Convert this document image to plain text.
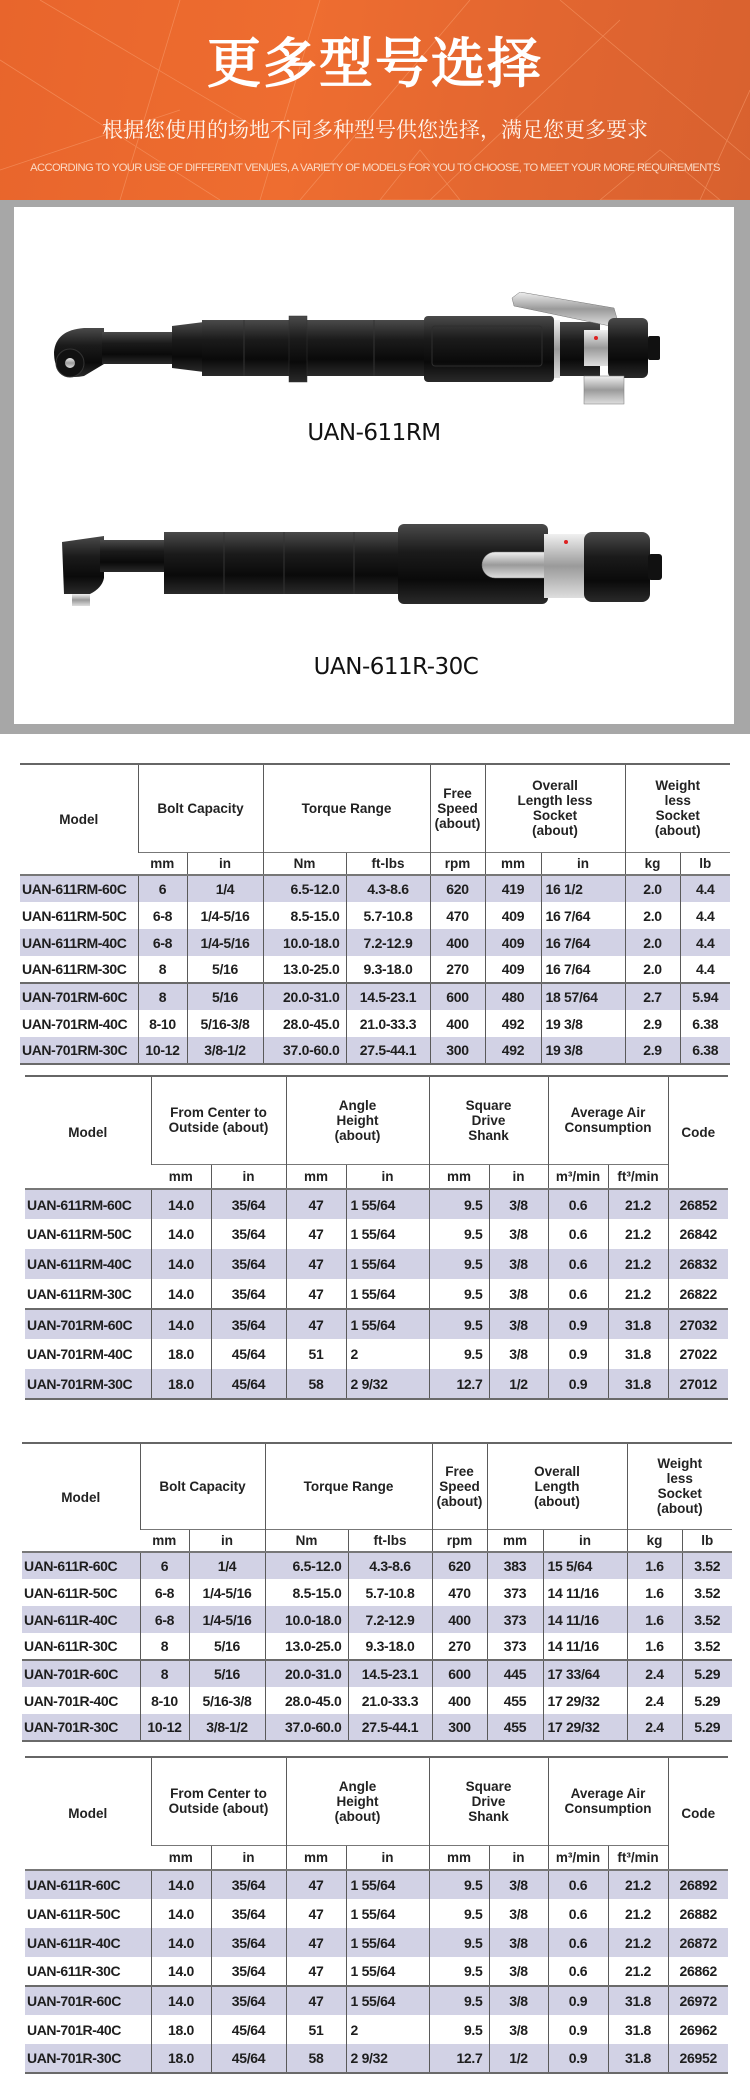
更多型号选择
根据您使用的场地不同多种型号供您选择，满足您更多要求
ACCORDING TO YOUR USE OF DIFFERENT VENUES, A VARIETY OF MODELS FOR YOU TO CHOOSE, TO MEET YOUR MORE REQUIREMENTS
UAN-611RM
UAN-611R-30C
Model	Bolt Capacity		Torque Range		Free Speed (about)	Overall Length less Socket (about)		Weight less Socket (about)	

	mm	in	Nm	ft-lbs	rpm	mm	in	kg	lb
UAN-611RM-60C	6	1/4	6.5-12.0	4.3-8.6	620	419	16 1/2	2.0	4.4
UAN-611RM-50C	6-8	1/4-5/16	8.5-15.0	5.7-10.8	470	409	16 7/64	2.0	4.4
UAN-611RM-40C	6-8	1/4-5/16	10.0-18.0	7.2-12.9	400	409	16 7/64	2.0	4.4
UAN-611RM-30C	8	5/16	13.0-25.0	9.3-18.0	270	409	16 7/64	2.0	4.4
UAN-701RM-60C	8	5/16	20.0-31.0	14.5-23.1	600	480	18 57/64	2.7	5.94
UAN-701RM-40C	8-10	5/16-3/8	28.0-45.0	21.0-33.3	400	492	19 3/8	2.9	6.38
UAN-701RM-30C	10-12	3/8-1/2	37.0-60.0	27.5-44.1	300	492	19 3/8	2.9	6.38
Model	From Center to Outside (about)		Angle Height (about)		Square Drive Shank		Average Air Consumption		Code

	mm	in	mm	in	mm	in	m³/min	ft³/min	
UAN-611RM-60C	14.0	35/64	47	1 55/64	9.5	3/8	0.6	21.2	26852
UAN-611RM-50C	14.0	35/64	47	1 55/64	9.5	3/8	0.6	21.2	26842
UAN-611RM-40C	14.0	35/64	47	1 55/64	9.5	3/8	0.6	21.2	26832
UAN-611RM-30C	14.0	35/64	47	1 55/64	9.5	3/8	0.6	21.2	26822
UAN-701RM-60C	14.0	35/64	47	1 55/64	9.5	3/8	0.9	31.8	27032
UAN-701RM-40C	18.0	45/64	51	2	9.5	3/8	0.9	31.8	27022
UAN-701RM-30C	18.0	45/64	58	2 9/32	12.7	1/2	0.9	31.8	27012
Model	Bolt Capacity		Torque Range		Free Speed (about)	Overall Length (about)		Weight less Socket (about)	

	mm	in	Nm	ft-lbs	rpm	mm	in	kg	lb
UAN-611R-60C	6	1/4	6.5-12.0	4.3-8.6	620	383	15 5/64	1.6	3.52
UAN-611R-50C	6-8	1/4-5/16	8.5-15.0	5.7-10.8	470	373	14 11/16	1.6	3.52
UAN-611R-40C	6-8	1/4-5/16	10.0-18.0	7.2-12.9	400	373	14 11/16	1.6	3.52
UAN-611R-30C	8	5/16	13.0-25.0	9.3-18.0	270	373	14 11/16	1.6	3.52
UAN-701R-60C	8	5/16	20.0-31.0	14.5-23.1	600	445	17 33/64	2.4	5.29
UAN-701R-40C	8-10	5/16-3/8	28.0-45.0	21.0-33.3	400	455	17 29/32	2.4	5.29
UAN-701R-30C	10-12	3/8-1/2	37.0-60.0	27.5-44.1	300	455	17 29/32	2.4	5.29
Model	From Center to Outside (about)		Angle Height (about)		Square Drive Shank		Average Air Consumption		Code

	mm	in	mm	in	mm	in	m³/min	ft³/min	
UAN-611R-60C	14.0	35/64	47	1 55/64	9.5	3/8	0.6	21.2	26892
UAN-611R-50C	14.0	35/64	47	1 55/64	9.5	3/8	0.6	21.2	26882
UAN-611R-40C	14.0	35/64	47	1 55/64	9.5	3/8	0.6	21.2	26872
UAN-611R-30C	14.0	35/64	47	1 55/64	9.5	3/8	0.6	21.2	26862
UAN-701R-60C	14.0	35/64	47	1 55/64	9.5	3/8	0.9	31.8	26972
UAN-701R-40C	18.0	45/64	51	2	9.5	3/8	0.9	31.8	26962
UAN-701R-30C	18.0	45/64	58	2 9/32	12.7	1/2	0.9	31.8	26952
